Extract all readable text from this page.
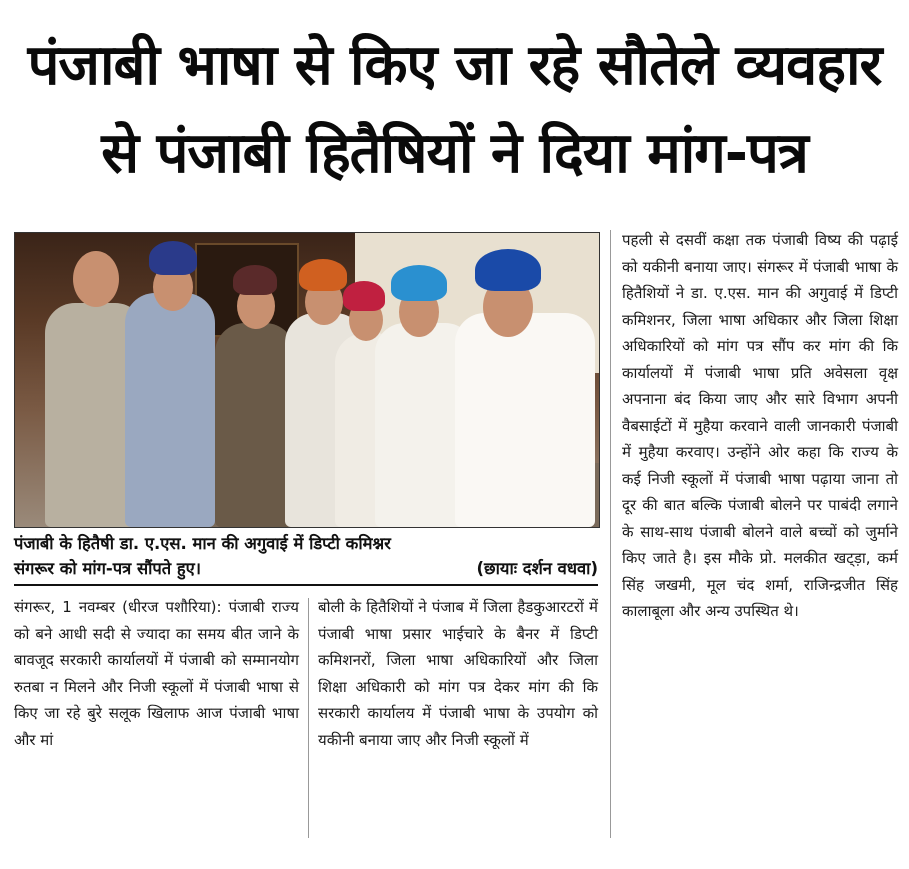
पंजाबी भाषा से किए जा रहे सौतेले व्यवहार
से पंजाबी हितैषियों ने दिया मांग-पत्र
पंजाबी के हितैषी डा. ए.एस. मान की अगुवाई में डिप्टी कमिश्नर
संगरूर को मांग-पत्र सौंपते हुए।	(छायाः दर्शन वधवा)
संगरूर, 1 नवम्बर (धीरज पशौरिया): पंजाबी राज्य को बने आधी सदी से ज्यादा का समय बीत जाने के बावजूद सरकारी कार्यालयों में पंजाबी को सम्मानयोग रुतबा न मिलने और निजी स्कूलों में पंजाबी भाषा से किए जा रहे बुरे सलूक खिलाफ आज पंजाबी भाषा और मां
बोली के हितैशियों ने पंजाब में जिला हैडकुआरटरों में पंजाबी भाषा प्रसार भाईचारे के बैनर में डिप्टी कमिशनरों, जिला भाषा अधिकारियों और जिला शिक्षा अधिकारी को मांग पत्र देकर मांग की कि सरकारी कार्यालय में पंजाबी भाषा के उपयोग को यकीनी बनाया जाए और निजी स्कूलों में
पहली से दसवीं कक्षा तक पंजाबी विष्य की पढ़ाई को यकीनी बनाया जाए। संगरूर में पंजाबी भाषा के हितैशियों ने डा. ए.एस. मान की अगुवाई में डिप्टी कमिशनर, जिला भाषा अधिकार और जिला शिक्षा अधिकारियों को मांग पत्र सौंप कर मांग की कि कार्यालयों में पंजाबी भाषा प्रति अवेसला वृक्ष अपनाना बंद किया जाए और सारे विभाग अपनी वैबसाईटों में मुहैया करवाने वाली जानकारी पंजाबी में मुहैया करवाए। उन्होंने ओर कहा कि राज्य के कई निजी स्कूलों में पंजाबी भाषा पढ़ाया जाना तो दूर की बात बल्कि पंजाबी बोलने पर पाबंदी लगाने के साथ-साथ पंजाबी बोलने वाले बच्चों को जुर्माने किए जाते है। इस मौके प्रो. मलकीत खट्ड़ा, कर्म सिंह जखमी, मूल चंद शर्मा, राजिन्द्रजीत सिंह कालाबूला और अन्य उपस्थित थे।
